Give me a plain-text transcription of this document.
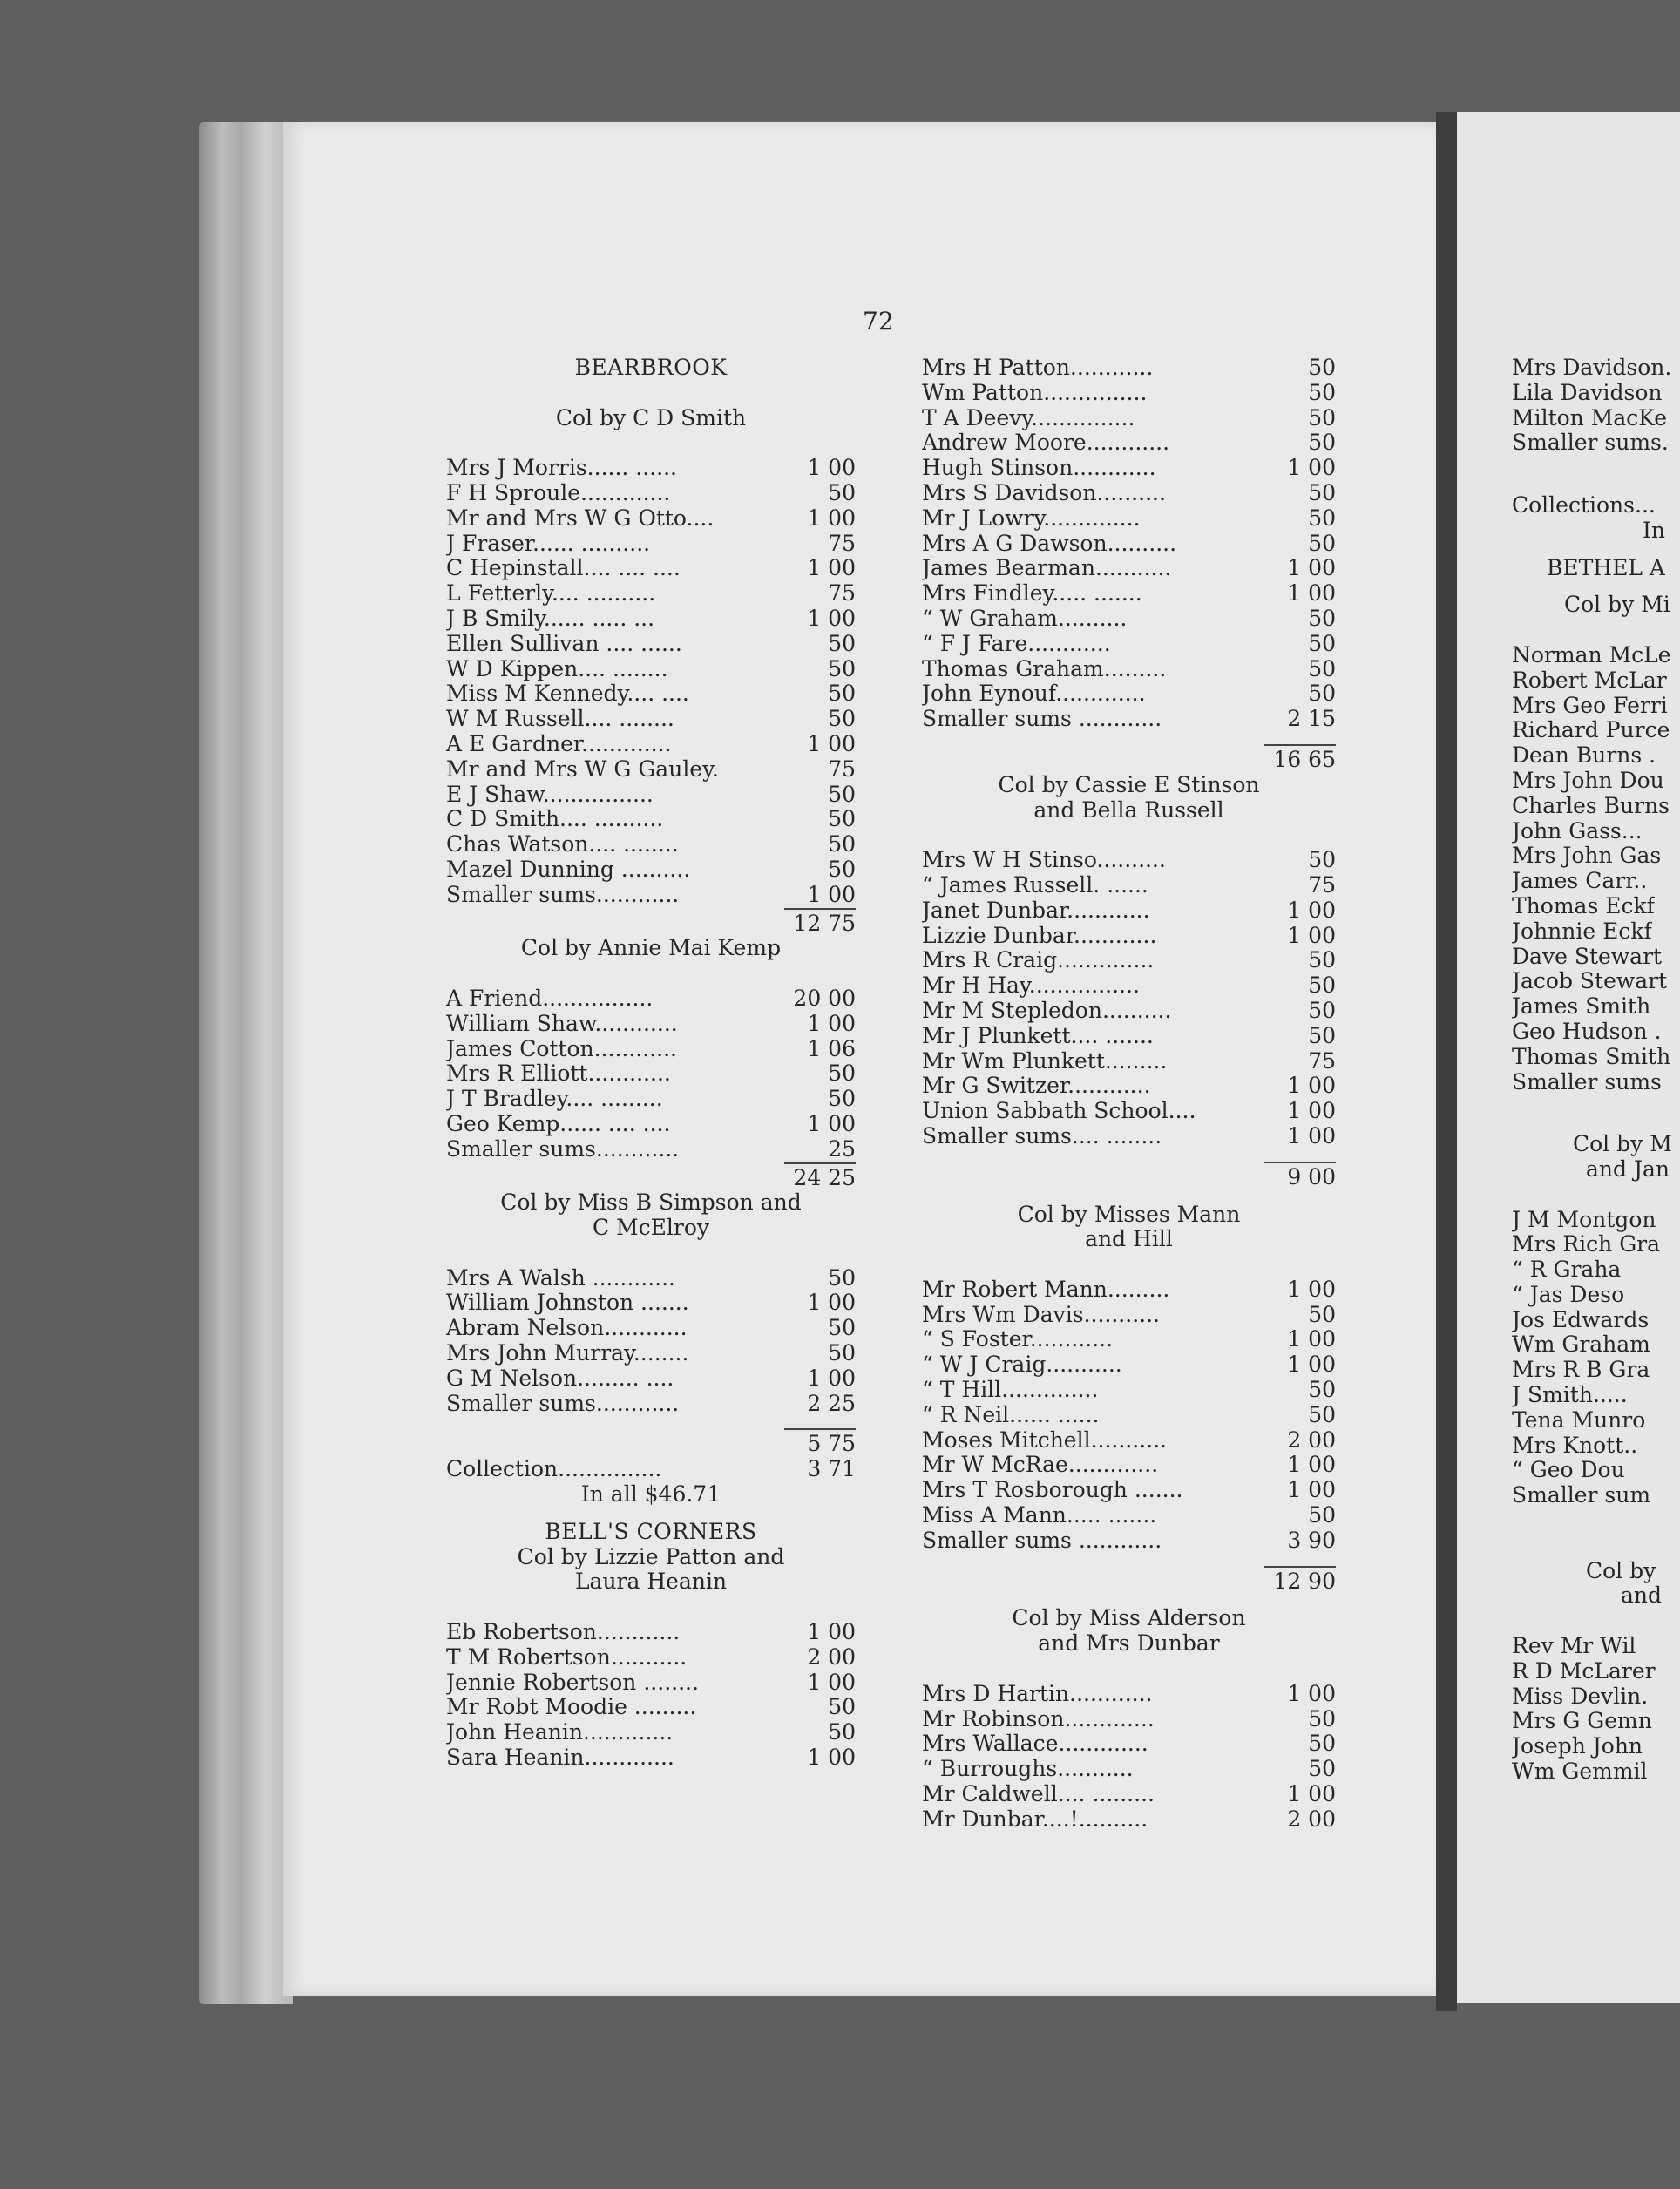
72
BEARBROOK
Col by C D Smith
Mrs J Morris...... ......	1 00
F H Sproule.............	50
Mr and Mrs W G Otto....	1 00
J Fraser...... ..........	75
C Hepinstall.... .... ....	1 00
L Fetterly.... ..........	75
J B Smily...... ..... ...	1 00
Ellen Sullivan .... ......	50
W D Kippen.... ........	50
Miss M Kennedy.... ....	50
W M Russell.... ........	50
A E Gardner.............	1 00
Mr and Mrs W G Gauley.	75
E J Shaw................	50
C D Smith.... ..........	50
Chas Watson.... ........	50
Mazel Dunning ..........	50
Smaller sums............	1 00
12 75
Col by Annie Mai Kemp
A Friend................	20 00
William Shaw............	1 00
James Cotton............	1 06
Mrs R Elliott............	50
J T Bradley.... .........	50
Geo Kemp...... .... ....	1 00
Smaller sums............	25
24 25
Col by Miss B Simpson and
C McElroy
Mrs A Walsh ............	50
William Johnston .......	1 00
Abram Nelson............	50
Mrs John Murray........	50
G M Nelson......... ....	1 00
Smaller sums............	2 25
5 75
Collection...............	3 71
In all $46.71
BELL'S CORNERS
Col by Lizzie Patton and
Laura Heanin
Eb Robertson............	1 00
T M Robertson...........	2 00
Jennie Robertson ........	1 00
Mr Robt Moodie .........	50
John Heanin.............	50
Sara Heanin.............	1 00
Mrs H Patton............	50
Wm Patton...............	50
T A Deevy...............	50
Andrew Moore............	50
Hugh Stinson............	1 00
Mrs S Davidson..........	50
Mr J Lowry..............	50
Mrs A G Dawson..........	50
James Bearman...........	1 00
Mrs Findley..... .......	1 00
“ W Graham..........	50
“ F J Fare............	50
Thomas Graham.........	50
John Eynouf.............	50
Smaller sums ............	2 15
16 65
Col by Cassie E Stinson
and Bella Russell
Mrs W H Stinso..........	50
“ James Russell. ......	75
Janet Dunbar............	1 00
Lizzie Dunbar............	1 00
Mrs R Craig..............	50
Mr H Hay................	50
Mr M Stepledon..........	50
Mr J Plunkett.... .......	50
Mr Wm Plunkett.........	75
Mr G Switzer............	1 00
Union Sabbath School....	1 00
Smaller sums.... ........	1 00
9 00
Col by Misses Mann
and Hill
Mr Robert Mann.........	1 00
Mrs Wm Davis...........	50
“ S Foster............	1 00
“ W J Craig...........	1 00
“ T Hill..............	50
“ R Neil...... ......	50
Moses Mitchell...........	2 00
Mr W McRae.............	1 00
Mrs T Rosborough .......	1 00
Miss A Mann..... .......	50
Smaller sums ............	3 90
12 90
Col by Miss Alderson
and Mrs Dunbar
Mrs D Hartin............	1 00
Mr Robinson.............	50
Mrs Wallace.............	50
“ Burroughs...........	50
Mr Caldwell.... .........	1 00
Mr Dunbar....!..........	2 00
Mrs Davidson.
Lila Davidson
Milton MacKe
Smaller sums.
Collections...
In
BETHEL A
Col by Mi
Norman McLe
Robert McLar
Mrs Geo Ferri
Richard Purce
Dean Burns .
Mrs John Dou
Charles Burns
John Gass...
Mrs John Gas
James Carr..
Thomas Eckf
Johnnie Eckf
Dave Stewart
Jacob Stewart
James Smith
Geo Hudson .
Thomas Smith
Smaller sums
Col by M
and Jan
J M Montgon
Mrs Rich Gra
“ R Graha
“ Jas Deso
Jos Edwards
Wm Graham
Mrs R B Gra
J Smith.....
Tena Munro
Mrs Knott..
“ Geo Dou
Smaller sum
Col by
and
Rev Mr Wil
R D McLarer
Miss Devlin.
Mrs G Gemn
Joseph John
Wm Gemmil
